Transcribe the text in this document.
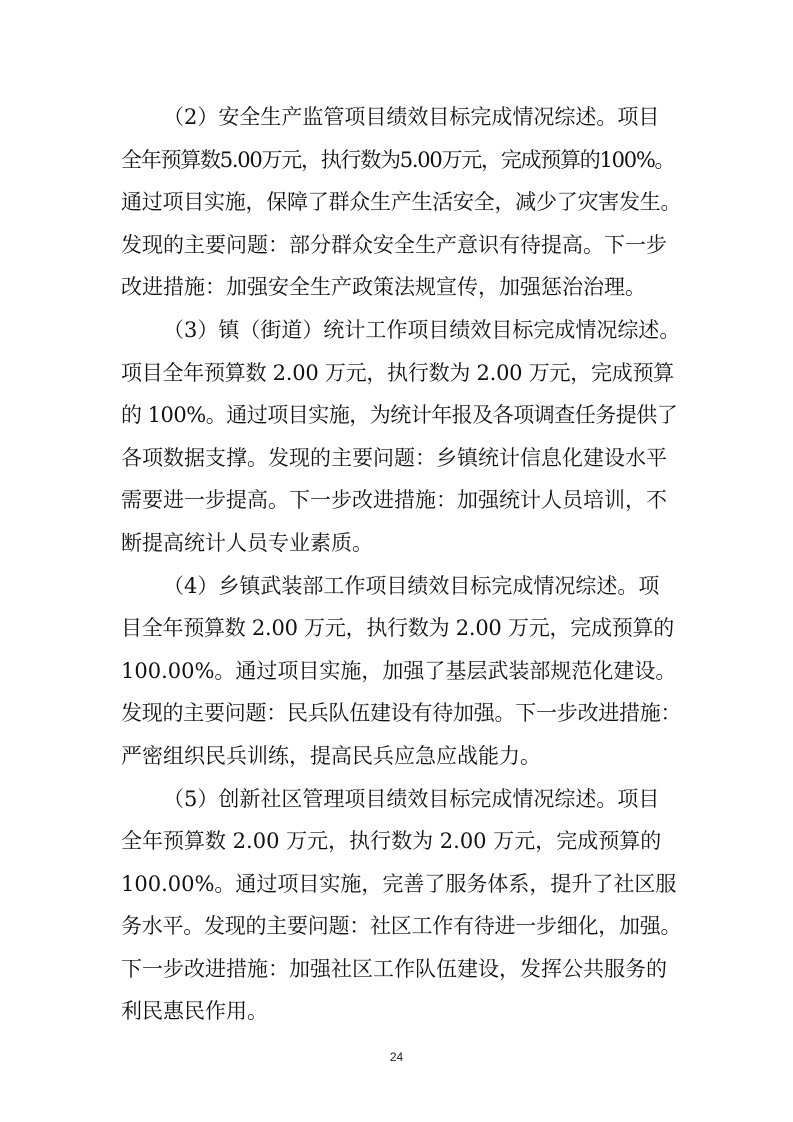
（2）安全生产监管项目绩效目标完成情况综述。项目
全年预算数5.00万元，执行数为5.00万元，完成预算的100%。
通过项目实施，保障了群众生产生活安全，减少了灾害发生。
发现的主要问题：部分群众安全生产意识有待提高。下一步
改进措施：加强安全生产政策法规宣传，加强惩治治理。
（3）镇（街道）统计工作项目绩效目标完成情况综述。
项目全年预算数 2.00 万元，执行数为 2.00 万元，完成预算
的 100%。通过项目实施，为统计年报及各项调查任务提供了
各项数据支撑。发现的主要问题：乡镇统计信息化建设水平
需要进一步提高。下一步改进措施：加强统计人员培训，不
断提高统计人员专业素质。
（4）乡镇武装部工作项目绩效目标完成情况综述。项
目全年预算数 2.00 万元，执行数为 2.00 万元，完成预算的
100.00%。通过项目实施，加强了基层武装部规范化建设。
发现的主要问题：民兵队伍建设有待加强。下一步改进措施：
严密组织民兵训练，提高民兵应急应战能力。
（5）创新社区管理项目绩效目标完成情况综述。项目
全年预算数 2.00 万元，执行数为 2.00 万元，完成预算的
100.00%。通过项目实施，完善了服务体系，提升了社区服
务水平。发现的主要问题：社区工作有待进一步细化，加强。
下一步改进措施：加强社区工作队伍建设，发挥公共服务的
利民惠民作用。
24
